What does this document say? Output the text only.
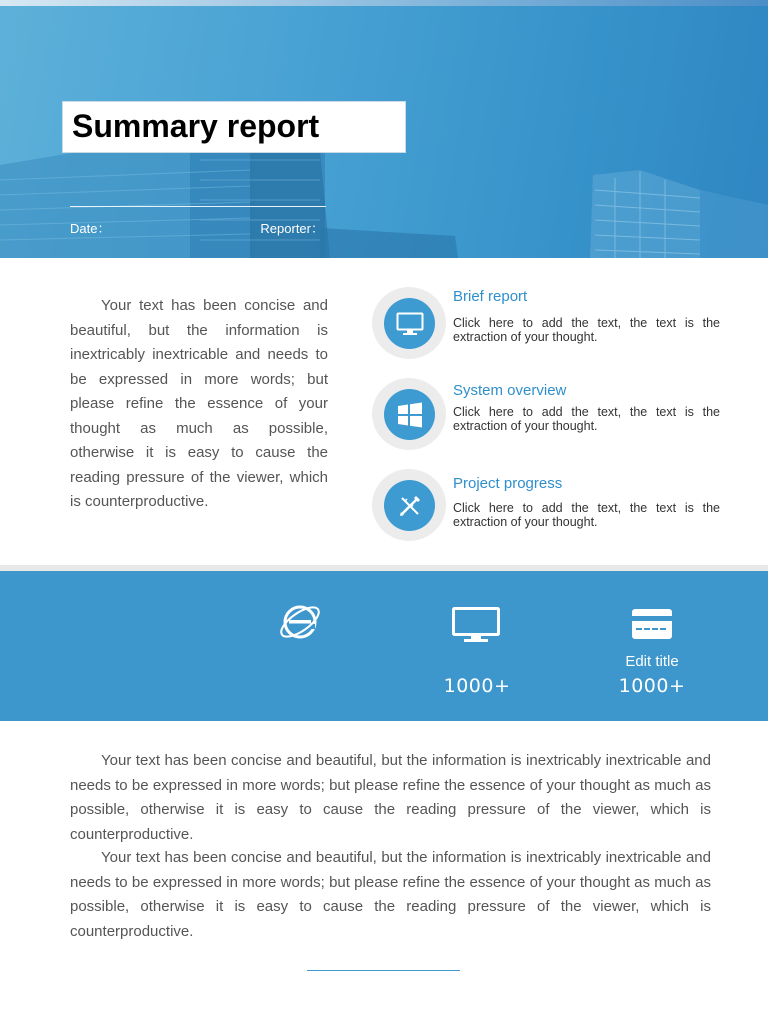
Summary report
Date：	Reporter：

Your text has been concise and beautiful, but the information is inextricably inextricable and needs to be expressed in more words; but please refine the essence of your thought as much as possible, otherwise it is easy to cause the reading pressure of the viewer, which is counterproductive.

Brief report
Click here to add the text, the text is the extraction of your thought.
System overview
Click here to add the text, the text is the extraction of your thought.
Project progress
Click here to add the text, the text is the extraction of your thought.
1000+
Edit title
1000+

Your text has been concise and beautiful, but the information is inextricably inextricable and needs to be expressed in more words; but please refine the essence of your thought as much as possible, otherwise it is easy to cause the reading pressure of the viewer, which is counterproductive.

Your text has been concise and beautiful, but the information is inextricably inextricable and needs to be expressed in more words; but please refine the essence of your thought as much as possible, otherwise it is easy to cause the reading pressure of the viewer, which is counterproductive.
